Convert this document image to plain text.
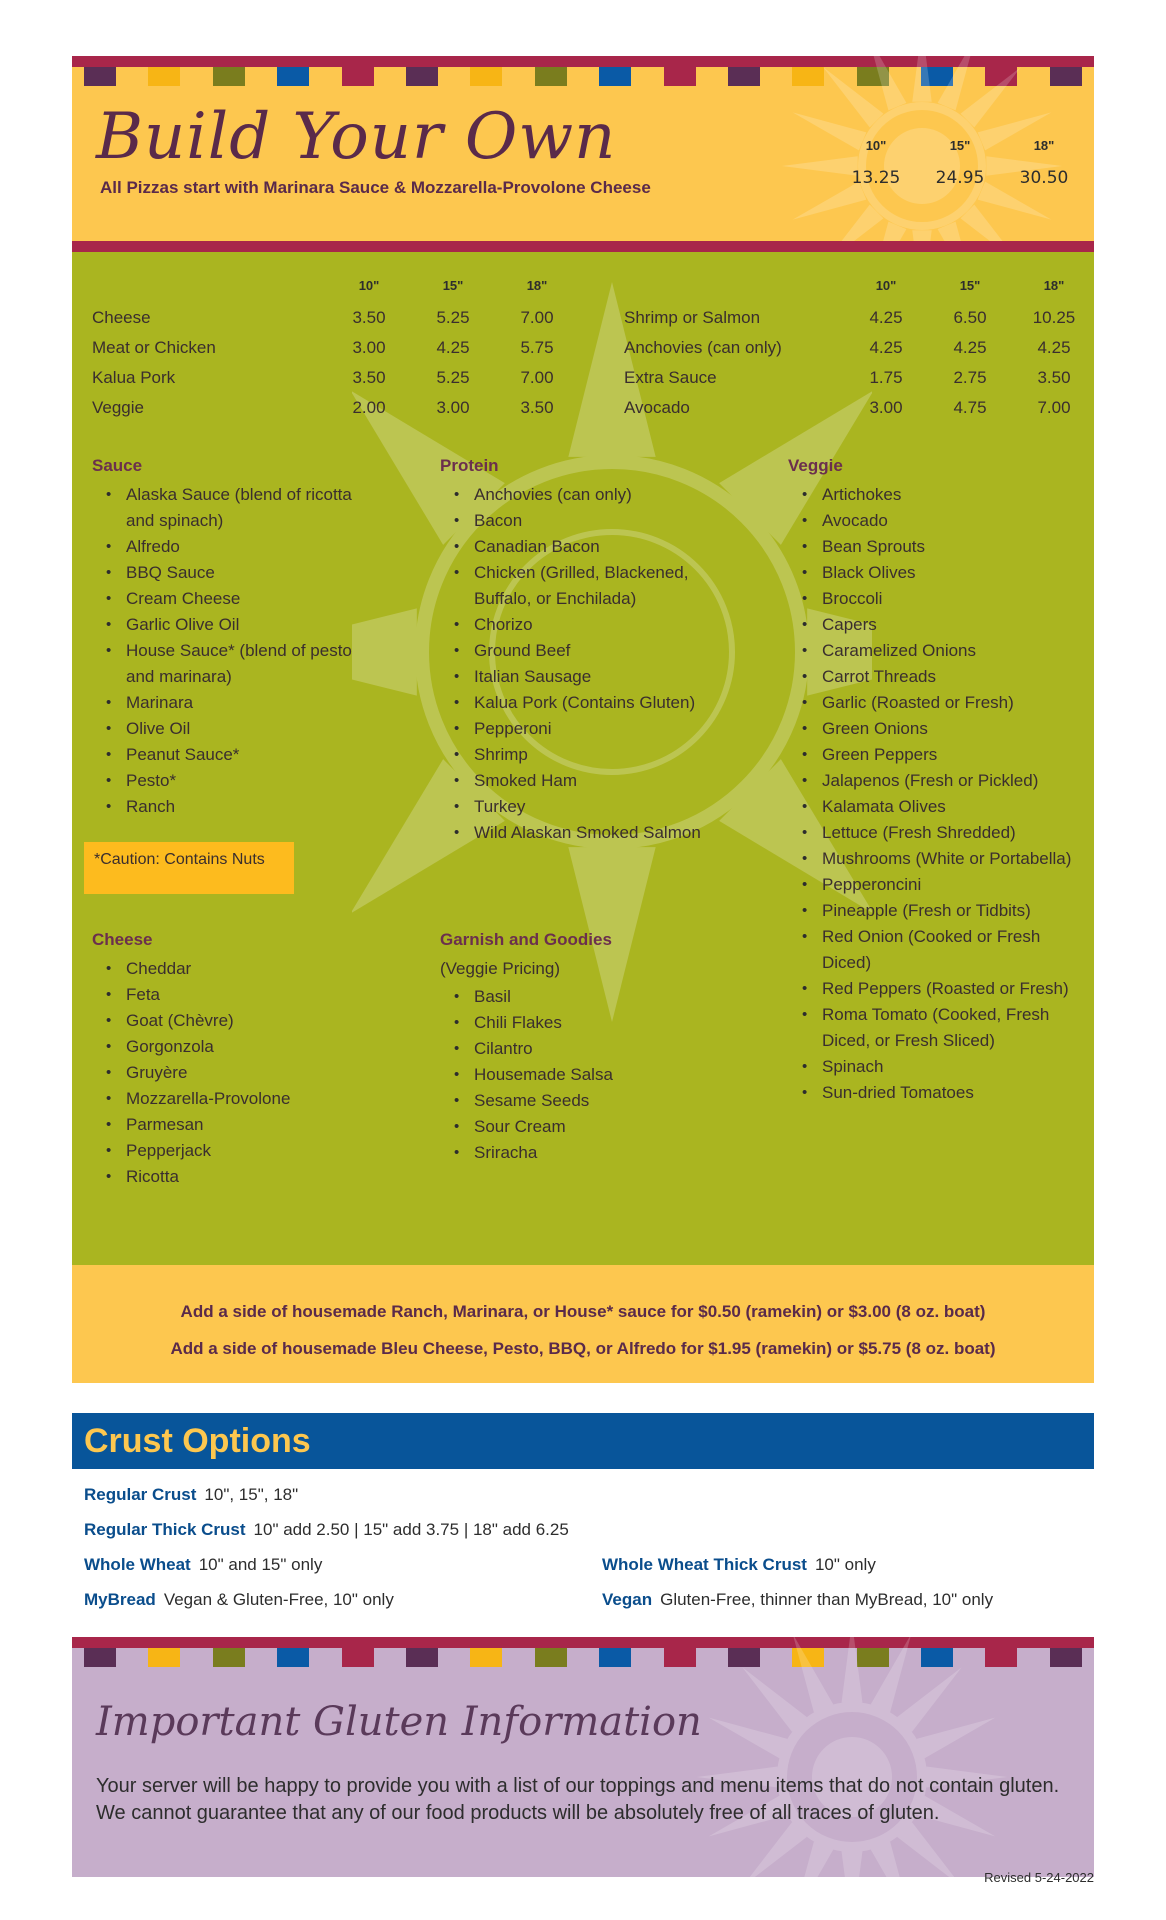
Build Your Own
All Pizzas start with Marinara Sauce & Mozzarella-Provolone Cheese
10"	15"	18"
13.25	24.95	30.50
10"	15"	18"
Cheese	3.50	5.25	7.00
Meat or Chicken	3.00	4.25	5.75
Kalua Pork	3.50	5.25	7.00
Veggie	2.00	3.00	3.50
10"	15"	18"
Shrimp or Salmon	4.25	6.50	10.25
Anchovies (can only)	4.25	4.25	4.25
Extra Sauce	1.75	2.75	3.50
Avocado	3.00	4.75	7.00
Sauce
• Alaska Sauce (blend of ricotta
and spinach)
• Alfredo
• BBQ Sauce
• Cream Cheese
• Garlic Olive Oil
• House Sauce* (blend of pesto
and marinara)
• Marinara
• Olive Oil
• Peanut Sauce*
• Pesto*
• Ranch
*Caution: Contains Nuts
Protein
• Anchovies (can only)
• Bacon
• Canadian Bacon
• Chicken (Grilled, Blackened,
Buffalo, or Enchilada)
• Chorizo
• Ground Beef
• Italian Sausage
• Kalua Pork (Contains Gluten)
• Pepperoni
• Shrimp
• Smoked Ham
• Turkey
• Wild Alaskan Smoked Salmon
Veggie
• Artichokes
• Avocado
• Bean Sprouts
• Black Olives
• Broccoli
• Capers
• Caramelized Onions
• Carrot Threads
• Garlic (Roasted or Fresh)
• Green Onions
• Green Peppers
• Jalapenos (Fresh or Pickled)
• Kalamata Olives
• Lettuce (Fresh Shredded)
• Mushrooms (White or Portabella)
• Pepperoncini
• Pineapple (Fresh or Tidbits)
• Red Onion (Cooked or Fresh
Diced)
• Red Peppers (Roasted or Fresh)
• Roma Tomato (Cooked, Fresh
Diced, or Fresh Sliced)
• Spinach
• Sun-dried Tomatoes
Cheese
• Cheddar
• Feta
• Goat (Chèvre)
• Gorgonzola
• Gruyère
• Mozzarella-Provolone
• Parmesan
• Pepperjack
• Ricotta
Garnish and Goodies
(Veggie Pricing)
• Basil
• Chili Flakes
• Cilantro
• Housemade Salsa
• Sesame Seeds
• Sour Cream
• Sriracha

Add a side of housemade Ranch, Marinara, or House* sauce for $0.50 (ramekin) or $3.00 (8 oz. boat)

Add a side of housemade Bleu Cheese, Pesto, BBQ, or Alfredo for $1.95 (ramekin) or $5.75 (8 oz. boat)

Crust Options
Regular Crust 10", 15", 18"
Regular Thick Crust 10" add 2.50 | 15" add 3.75 | 18" add 6.25
Whole Wheat 10" and 15" only	Whole Wheat Thick Crust 10" only
MyBread Vegan & Gluten-Free, 10" only	Vegan Gluten-Free, thinner than MyBread, 10" only
Important Gluten Information
Your server will be happy to provide you with a list of our toppings and menu items that do not contain gluten. We cannot guarantee that any of our food products will be absolutely free of all traces of gluten.
Revised 5-24-2022
